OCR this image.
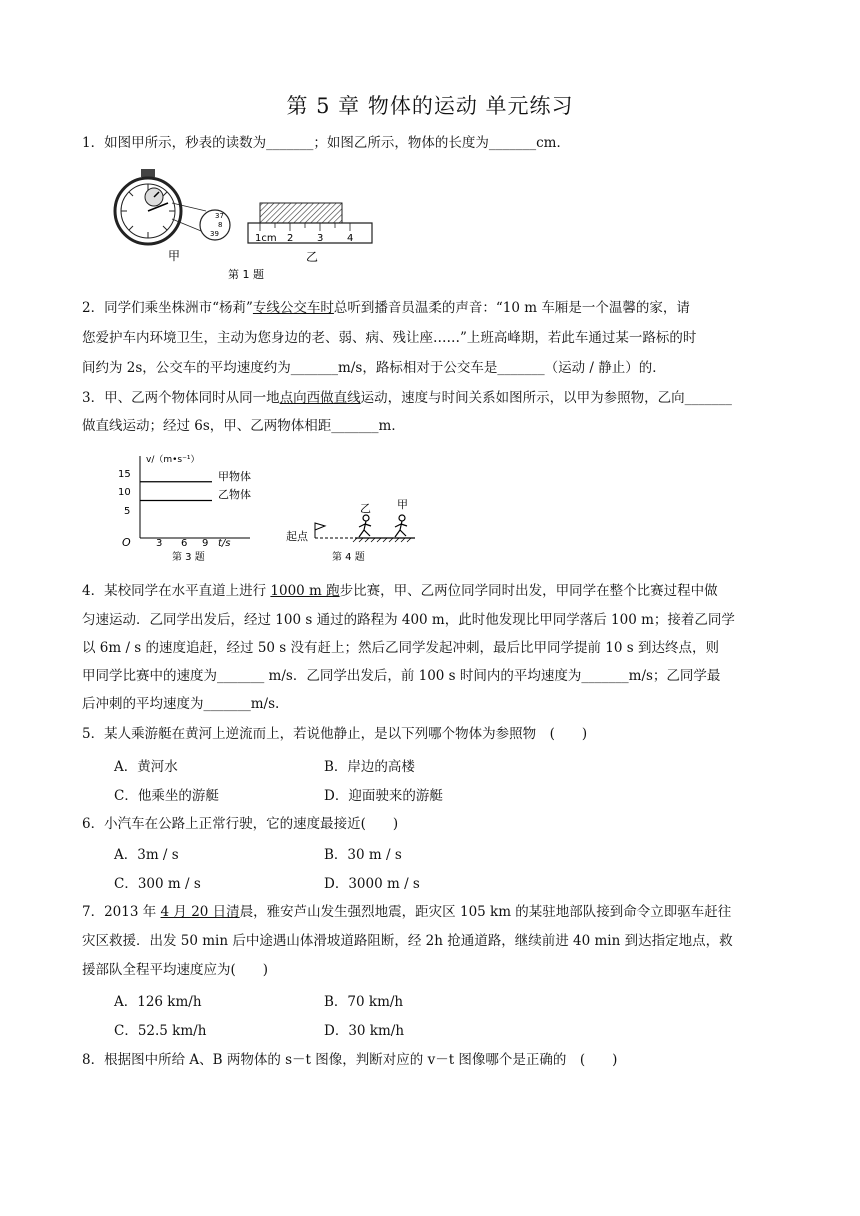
第 5 章 物体的运动 单元练习
1．如图甲所示，秒表的读数为_______；如图乙所示，物体的长度为_______cm．
37
8
39
甲
第 1 题
1cm 2 3 4
乙
2．同学们乘坐株洲市“杨莉”专线公交车时总听到播音员温柔的声音：“10 m 车厢是一个温馨的家，请
您爱护车内环境卫生，主动为您身边的老、弱、病、残让座……”上班高峰期，若此车通过某一路标的时
间约为 2s，公交车的平均速度约为_______m/s，路标相对于公交车是_______（运动 / 静止）的．
3．甲、乙两个物体同时从同一地点向西做直线运动，速度与时间关系如图所示，以甲为参照物，乙向_______
做直线运动；经过 6s，甲、乙两物体相距_______m．
v/（m•s⁻¹）
O	t/s
15
10
5
3 6 9
甲物体
乙物体
第 3 题
起点
乙 甲
第 4 题
4．某校同学在水平直道上进行 1000 m 跑步比赛，甲、乙两位同学同时出发，甲同学在整个比赛过程中做
匀速运动．乙同学出发后，经过 100 s 通过的路程为 400 m，此时他发现比甲同学落后 100 m；接着乙同学
以 6m / s 的速度追赶，经过 50 s 没有赶上；然后乙同学发起冲刺，最后比甲同学提前 10 s 到达终点，则
甲同学比赛中的速度为_______ m/s．乙同学出发后，前 100 s 时间内的平均速度为_______m/s；乙同学最
后冲刺的平均速度为_______m/s.
5．某人乘游艇在黄河上逆流而上，若说他静止，是以下列哪个物体为参照物　(　　)
A．黄河水	B．岸边的高楼
C．他乘坐的游艇	D．迎面驶来的游艇
6．小汽车在公路上正常行驶，它的速度最接近(　　)
A．3m / s	B．30 m / s
C．300 m / s	D．3000 m / s
7．2013 年 4 月 20 日清晨，雅安芦山发生强烈地震，距灾区 105 km 的某驻地部队接到命令立即驱车赶往
灾区救援．出发 50 min 后中途遇山体滑坡道路阻断，经 2h 抢通道路，继续前进 40 min 到达指定地点，救
援部队全程平均速度应为(　　)
A．126 km/h	B．70 km/h
C．52.5 km/h	D．30 km/h
8．根据图中所给 A、B 两物体的 s－t 图像，判断对应的 v－t 图像哪个是正确的　(　　)
